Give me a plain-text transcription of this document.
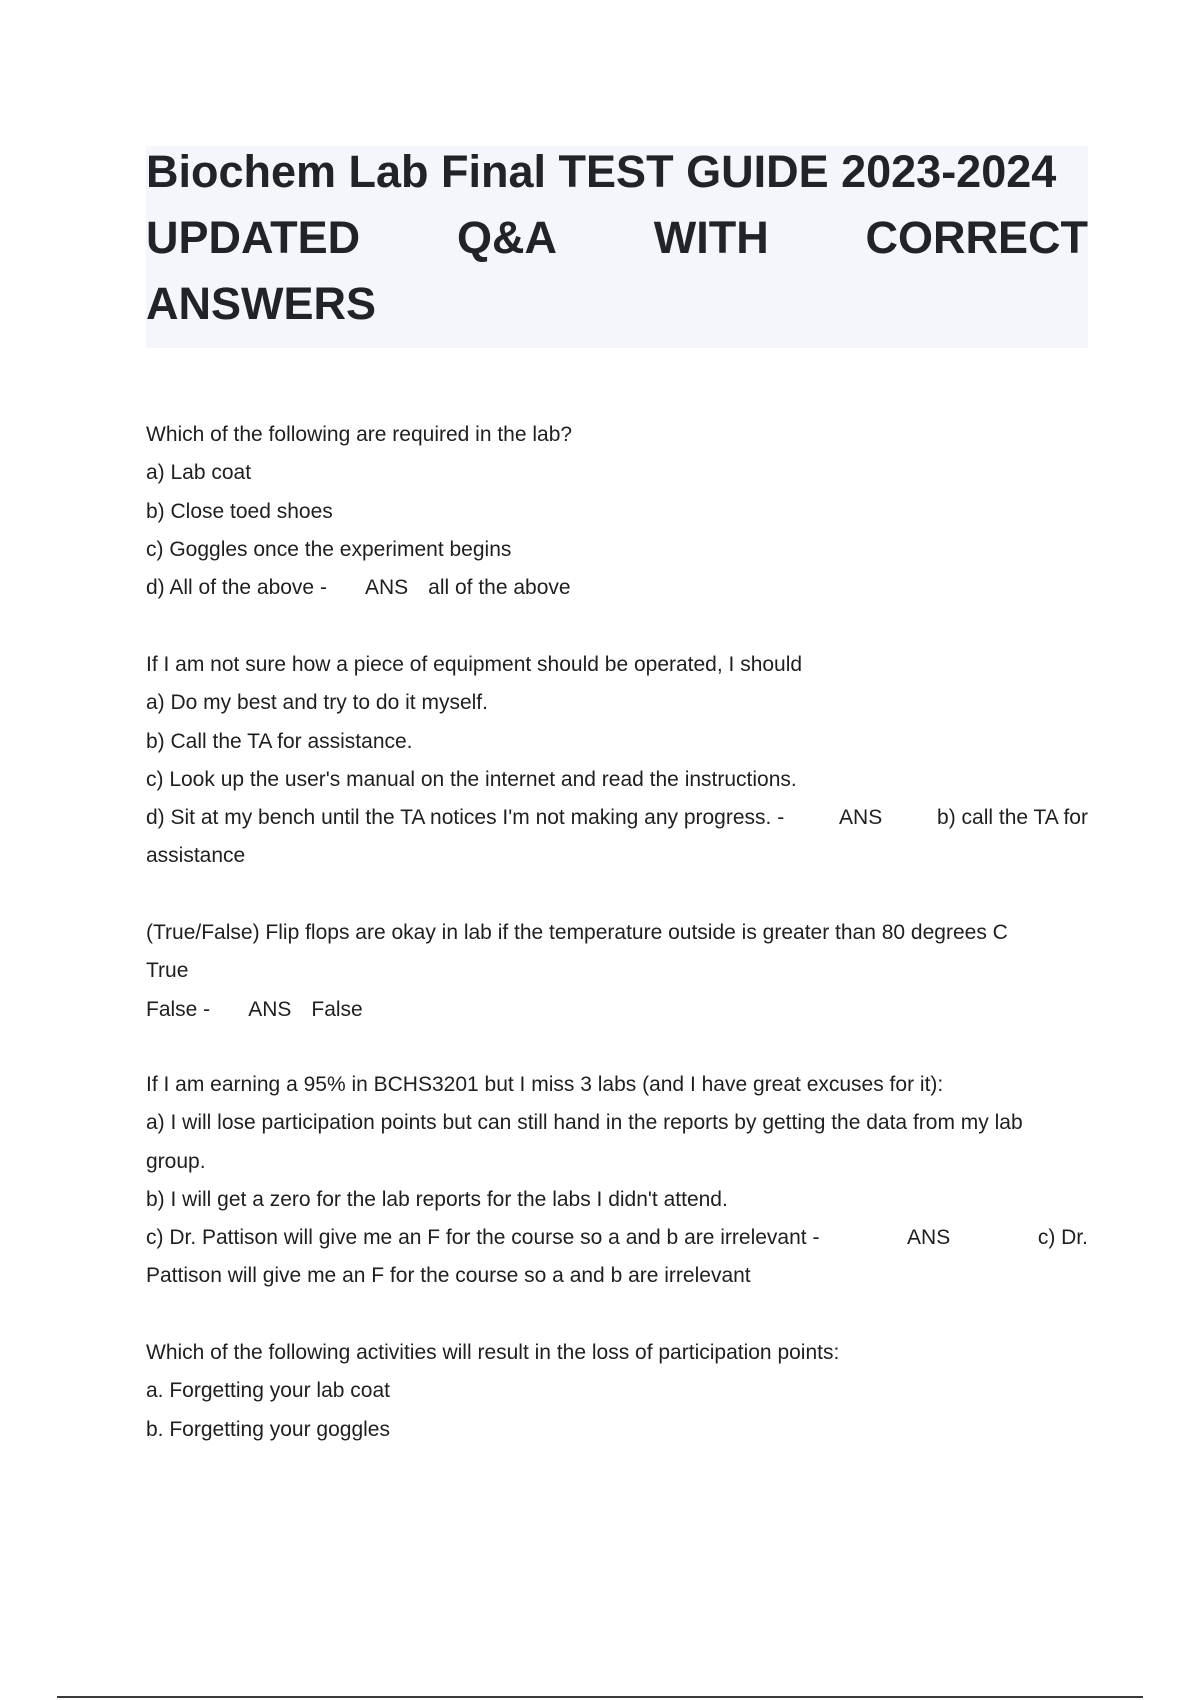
Biochem Lab Final TEST GUIDE 2023-2024
UPDATED Q&A WITH CORRECT
ANSWERS
Which of the following are required in the lab?
a) Lab coat
b) Close toed shoes
c) Goggles once the experiment begins
d) All of the above - ANS all of the above
If I am not sure how a piece of equipment should be operated, I should
a) Do my best and try to do it myself.
b) Call the TA for assistance.
c) Look up the user's manual on the internet and read the instructions.
d) Sit at my bench until the TA notices I'm not making any progress. -	ANS	b) call the TA for
assistance
(True/False) Flip flops are okay in lab if the temperature outside is greater than 80 degrees C
True
False - ANS False
If I am earning a 95% in BCHS3201 but I miss 3 labs (and I have great excuses for it):
a) I will lose participation points but can still hand in the reports by getting the data from my lab
group.
b) I will get a zero for the lab reports for the labs I didn't attend.
c) Dr. Pattison will give me an F for the course so a and b are irrelevant -	ANS	c) Dr.
Pattison will give me an F for the course so a and b are irrelevant
Which of the following activities will result in the loss of participation points:
a. Forgetting your lab coat
b. Forgetting your goggles
